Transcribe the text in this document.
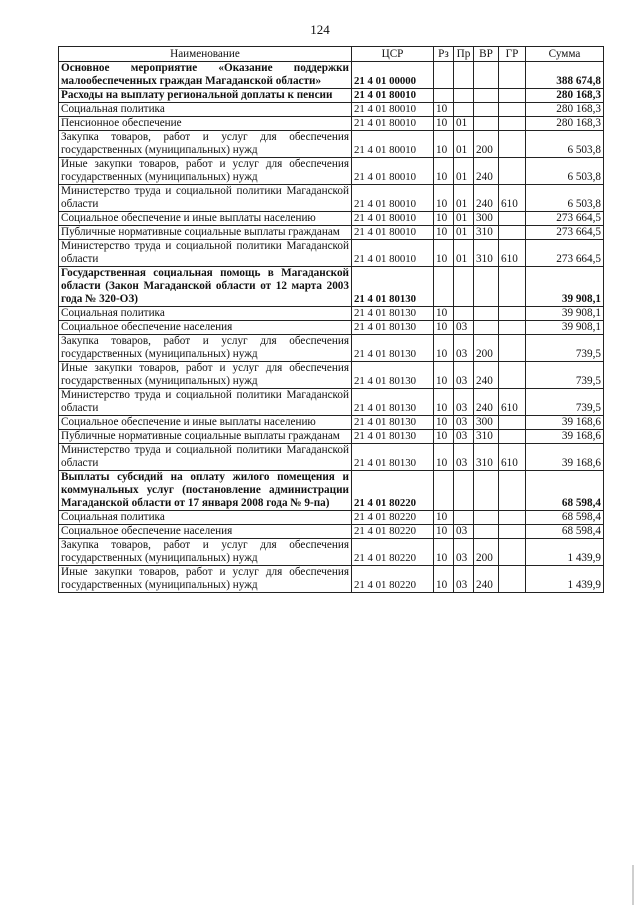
124
Наименование	ЦСР	Рз	Пр	ВР	ГР	Сумма
Основное мероприятие «Оказание поддержки малообеспеченных граждан Магаданской области»	21 4 01 00000					388 674,8
Расходы на выплату региональной доплаты к пенсии	21 4 01 80010					280 168,3
Социальная политика	21 4 01 80010	10				280 168,3
Пенсионное обеспечение	21 4 01 80010	10	01			280 168,3
Закупка товаров, работ и услуг для обеспечения государственных (муниципальных) нужд	21 4 01 80010	10	01	200		6 503,8
Иные закупки товаров, работ и услуг для обеспечения государственных (муниципальных) нужд	21 4 01 80010	10	01	240		6 503,8
Министерство труда и социальной политики Магаданской области	21 4 01 80010	10	01	240	610	6 503,8
Социальное обеспечение и иные выплаты населению	21 4 01 80010	10	01	300		273 664,5
Публичные нормативные социальные выплаты гражданам	21 4 01 80010	10	01	310		273 664,5
Министерство труда и социальной политики Магаданской области	21 4 01 80010	10	01	310	610	273 664,5
Государственная социальная помощь в Магаданской области (Закон Магаданской области от 12 марта 2003 года № 320-ОЗ)	21 4 01 80130					39 908,1
Социальная политика	21 4 01 80130	10				39 908,1
Социальное обеспечение населения	21 4 01 80130	10	03			39 908,1
Закупка товаров, работ и услуг для обеспечения государственных (муниципальных) нужд	21 4 01 80130	10	03	200		739,5
Иные закупки товаров, работ и услуг для обеспечения государственных (муниципальных) нужд	21 4 01 80130	10	03	240		739,5
Министерство труда и социальной политики Магаданской области	21 4 01 80130	10	03	240	610	739,5
Социальное обеспечение и иные выплаты населению	21 4 01 80130	10	03	300		39 168,6
Публичные нормативные социальные выплаты гражданам	21 4 01 80130	10	03	310		39 168,6
Министерство труда и социальной политики Магаданской области	21 4 01 80130	10	03	310	610	39 168,6
Выплаты субсидий на оплату жилого помещения и коммунальных услуг (постановление администрации Магаданской области от 17 января 2008 года № 9-па)	21 4 01 80220					68 598,4
Социальная политика	21 4 01 80220	10				68 598,4
Социальное обеспечение населения	21 4 01 80220	10	03			68 598,4
Закупка товаров, работ и услуг для обеспечения государственных (муниципальных) нужд	21 4 01 80220	10	03	200		1 439,9
Иные закупки товаров, работ и услуг для обеспечения государственных (муниципальных) нужд	21 4 01 80220	10	03	240		1 439,9
